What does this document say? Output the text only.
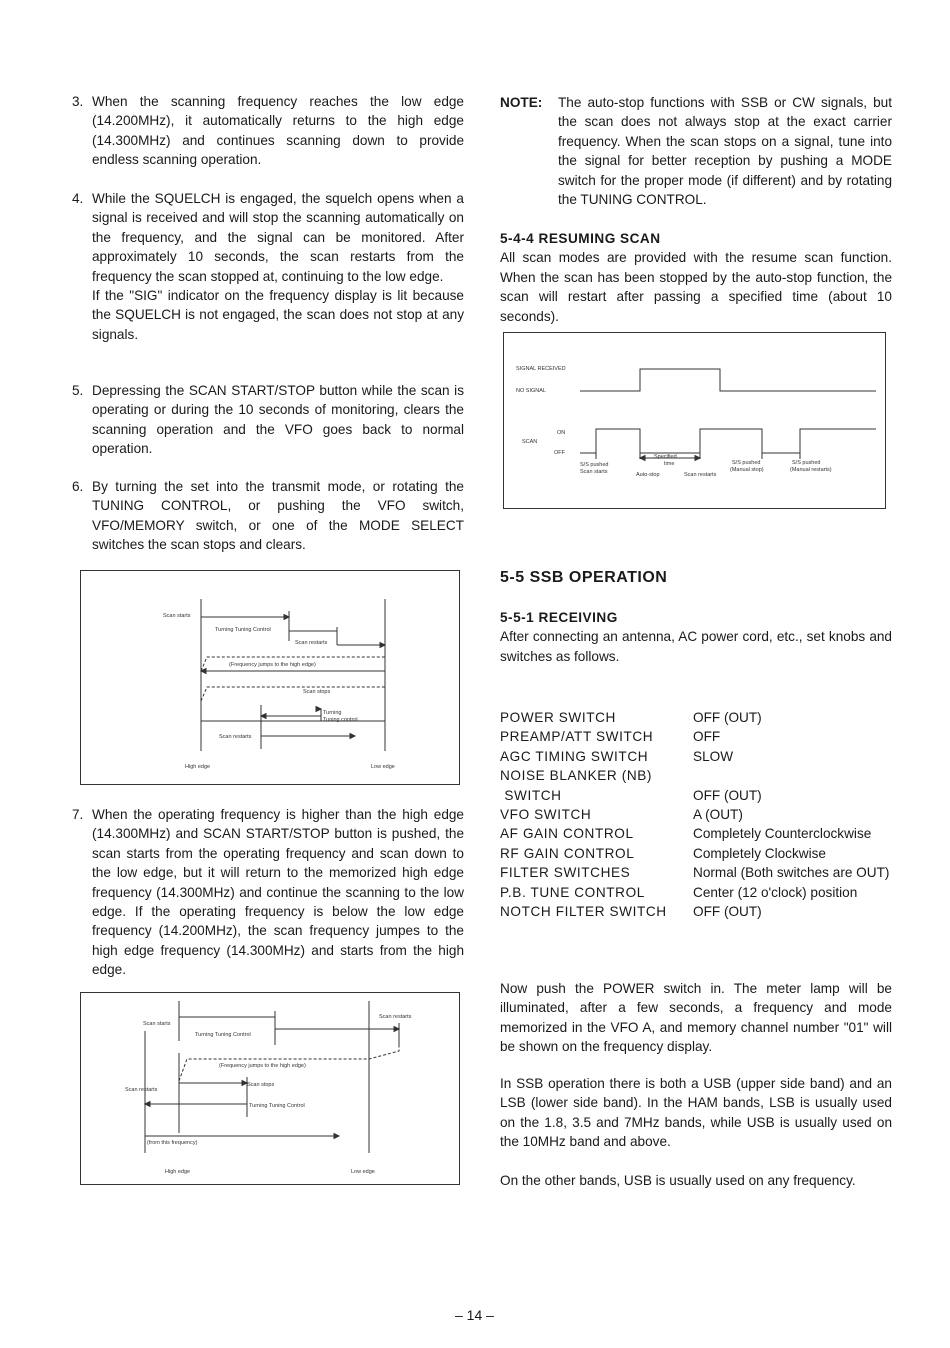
3. When the scanning frequency reaches the low edge (14.200MHz), it automatically returns to the high edge (14.300MHz) and continues scanning down to provide endless scanning operation.
4. While the SQUELCH is engaged, the squelch opens when a signal is received and will stop the scanning automatically on the frequency, and the signal can be monitored. After approximately 10 seconds, the scan restarts from the frequency the scan stopped at, continuing to the low edge.
If the "SIG" indicator on the frequency display is lit because the SQUELCH is not engaged, the scan does not stop at any signals.
5. Depressing the SCAN START/STOP button while the scan is operating or during the 10 seconds of monitoring, clears the scanning operation and the VFO goes back to normal operation.
6. By turning the set into the transmit mode, or rotating the TUNING CONTROL, or pushing the VFO switch, VFO/MEMORY switch, or one of the MODE SELECT switches the scan stops and clears.
Scan starts
Turning Tuning Control
Scan restarts
(Frequency jumps to the high edge)
Scan stops
Turning
Tuning control
Scan restarts
High edge	Low edge
7. When the operating frequency is higher than the high edge (14.300MHz) and SCAN START/STOP button is pushed, the scan starts from the operating frequency and scan down to the low edge, but it will return to the memorized high edge frequency (14.300MHz) and continue the scanning to the low edge. If the operating frequency is below the low edge frequency (14.200MHz), the scan frequency jumpes to the high edge frequency (14.300MHz) and starts from the high edge.
Scan starts
Turning Tuning Control
Scan restarts
(Frequency jumps to the high edge)
Scan restarts
Scan stops
Turning Tuning Control
(from this frequency)
High edge	Low edge
NOTE:	The auto-stop functions with SSB or CW signals, but the scan does not always stop at the exact carrier frequency. When the scan stops on a signal, tune into the signal for better reception by pushing a MODE switch for the proper mode (if different) and by rotating the TUNING CONTROL.
5-4-4 RESUMING SCAN

All scan modes are provided with the resume scan function. When the scan has been stopped by the auto-stop function, the scan will restart after passing a specified time (about 10 seconds).

SIGNAL RECEIVED
NO SIGNAL
ON
SCAN
OFF
S/S pushed
Scan starts
Specified
time
Auto-stop	Scan restarts
S/S pushed
(Manual stop)
S/S pushed
(Manual restarts)
5-5 SSB OPERATION
5-5-1 RECEIVING

After connecting an antenna, AC power cord, etc., set knobs and switches as follows.

POWER SWITCH	OFF (OUT)
PREAMP/ATT SWITCH	OFF
AGC TIMING SWITCH	SLOW
NOISE BLANKER (NB)	
SWITCH	OFF (OUT)
VFO SWITCH	A (OUT)
AF GAIN CONTROL	Completely Counterclockwise
RF GAIN CONTROL	Completely Clockwise
FILTER SWITCHES	Normal (Both switches are OUT)
P.B. TUNE CONTROL	Center (12 o'clock) position
NOTCH FILTER SWITCH	OFF (OUT)

Now push the POWER switch in. The meter lamp will be illuminated, after a few seconds, a frequency and mode memorized in the VFO A, and memory channel number "01" will be shown on the frequency display.

In SSB operation there is both a USB (upper side band) and an LSB (lower side band). In the HAM bands, LSB is usually used on the 1.8, 3.5 and 7MHz bands, while USB is usually used on the 10MHz band and above.

On the other bands, USB is usually used on any frequency.

– 14 –
